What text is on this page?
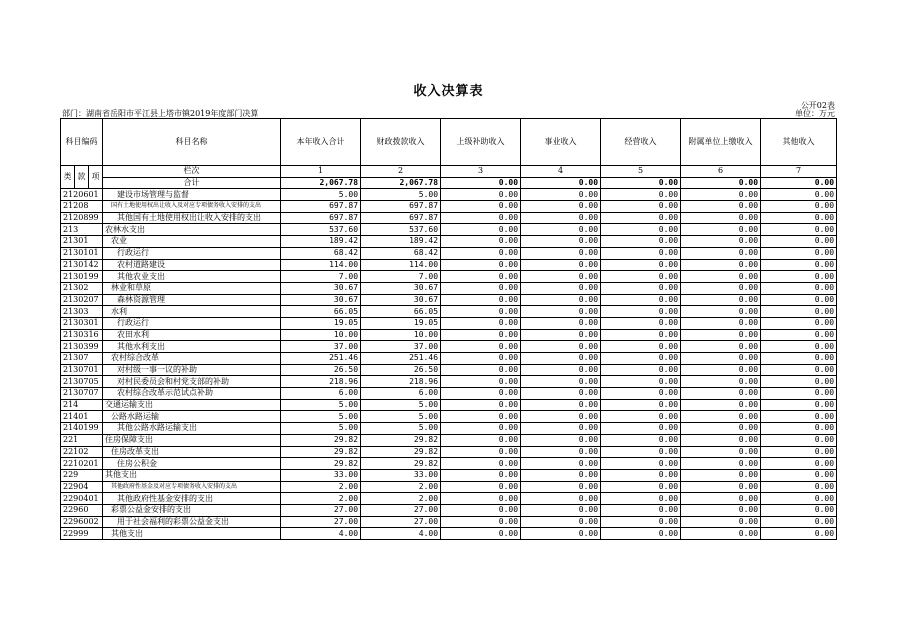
收入决算表
公开02表
部门：湖南省岳阳市平江县上塔市镇2019年度部门决算	单位：万元
科目编码			科目名称	本年收入合计	财政拨款收入	上级补助收入	事业收入	经营收入	附属单位上缴收入	其他收入
类	款	项	栏次	1	2	3	4	5	6	7
			合计	2,067.78	2,067.78	0.00	0.00	0.00	0.00	0.00
2120601			建设市场管理与监督	5.00	5.00	0.00	0.00	0.00	0.00	0.00
21208			国有土地使用权出让收入及对应专项债务收入安排的支出	697.87	697.87	0.00	0.00	0.00	0.00	0.00
2120899			其他国有土地使用权出让收入安排的支出	697.87	697.87	0.00	0.00	0.00	0.00	0.00
213			农林水支出	537.60	537.60	0.00	0.00	0.00	0.00	0.00
21301			农业	189.42	189.42	0.00	0.00	0.00	0.00	0.00
2130101			行政运行	68.42	68.42	0.00	0.00	0.00	0.00	0.00
2130142			农村道路建设	114.00	114.00	0.00	0.00	0.00	0.00	0.00
2130199			其他农业支出	7.00	7.00	0.00	0.00	0.00	0.00	0.00
21302			林业和草原	30.67	30.67	0.00	0.00	0.00	0.00	0.00
2130207			森林资源管理	30.67	30.67	0.00	0.00	0.00	0.00	0.00
21303			水利	66.05	66.05	0.00	0.00	0.00	0.00	0.00
2130301			行政运行	19.05	19.05	0.00	0.00	0.00	0.00	0.00
2130316			农田水利	10.00	10.00	0.00	0.00	0.00	0.00	0.00
2130399			其他水利支出	37.00	37.00	0.00	0.00	0.00	0.00	0.00
21307			农村综合改革	251.46	251.46	0.00	0.00	0.00	0.00	0.00
2130701			对村级一事一议的补助	26.50	26.50	0.00	0.00	0.00	0.00	0.00
2130705			对村民委员会和村党支部的补助	218.96	218.96	0.00	0.00	0.00	0.00	0.00
2130707			农村综合改革示范试点补助	6.00	6.00	0.00	0.00	0.00	0.00	0.00
214			交通运输支出	5.00	5.00	0.00	0.00	0.00	0.00	0.00
21401			公路水路运输	5.00	5.00	0.00	0.00	0.00	0.00	0.00
2140199			其他公路水路运输支出	5.00	5.00	0.00	0.00	0.00	0.00	0.00
221			住房保障支出	29.82	29.82	0.00	0.00	0.00	0.00	0.00
22102			住房改革支出	29.82	29.82	0.00	0.00	0.00	0.00	0.00
2210201			住房公积金	29.82	29.82	0.00	0.00	0.00	0.00	0.00
229			其他支出	33.00	33.00	0.00	0.00	0.00	0.00	0.00
22904			其他政府性基金及对应专项债务收入安排的支出	2.00	2.00	0.00	0.00	0.00	0.00	0.00
2290401			其他政府性基金安排的支出	2.00	2.00	0.00	0.00	0.00	0.00	0.00
22960			彩票公益金安排的支出	27.00	27.00	0.00	0.00	0.00	0.00	0.00
2296002			用于社会福利的彩票公益金支出	27.00	27.00	0.00	0.00	0.00	0.00	0.00
22999			其他支出	4.00	4.00	0.00	0.00	0.00	0.00	0.00
